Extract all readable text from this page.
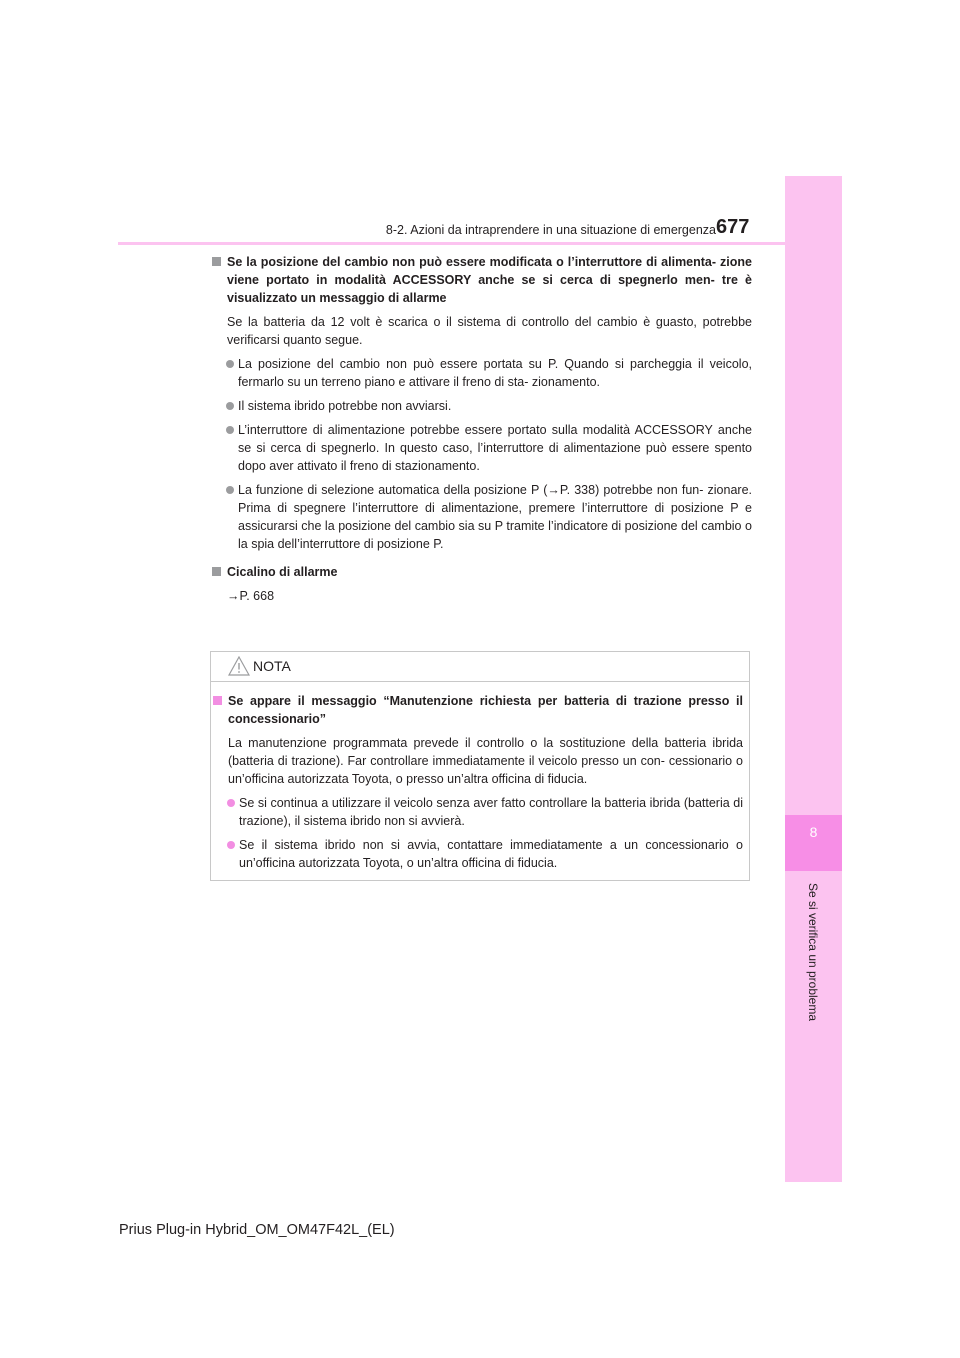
8
Se si verifica un problema
8-2. Azioni da intraprendere in una situazione di emergenza 677
Se la posizione del cambio non può essere modificata o l’interruttore di alimenta- zione viene portato in modalità ACCESSORY anche se si cerca di spegnerlo men- tre è visualizzato un messaggio di allarme
Se la batteria da 12 volt è scarica o il sistema di controllo del cambio è guasto, potrebbe verificarsi quanto segue.
La posizione del cambio non può essere portata su P. Quando si parcheggia il veicolo, fermarlo su un terreno piano e attivare il freno di sta- zionamento.
Il sistema ibrido potrebbe non avviarsi.
L’interruttore di alimentazione potrebbe essere portato sulla modalità ACCESSORY anche se si cerca di spegnerlo. In questo caso, l’interruttore di alimentazione può essere spento dopo aver attivato il freno di stazionamento.
La funzione di selezione automatica della posizione P (→P. 338) potrebbe non fun- zionare. Prima di spegnere l’interruttore di alimentazione, premere l’interruttore di posizione P e assicurarsi che la posizione del cambio sia su P tramite l’indicatore di posizione del cambio o la spia dell’interruttore di posizione P.
Cicalino di allarme
→P. 668
NOTA
Se appare il messaggio “Manutenzione richiesta per batteria di trazione presso il concessionario”
La manutenzione programmata prevede il controllo o la sostituzione della batteria ibrida (batteria di trazione). Far controllare immediatamente il veicolo presso un con- cessionario o un’officina autorizzata Toyota, o presso un’altra officina di fiducia.
Se si continua a utilizzare il veicolo senza aver fatto controllare la batteria ibrida (batteria di trazione), il sistema ibrido non si avvierà.
Se il sistema ibrido non si avvia, contattare immediatamente a un concessionario o un’officina autorizzata Toyota, o un’altra officina di fiducia.
Prius Plug-in Hybrid_OM_OM47F42L_(EL)
